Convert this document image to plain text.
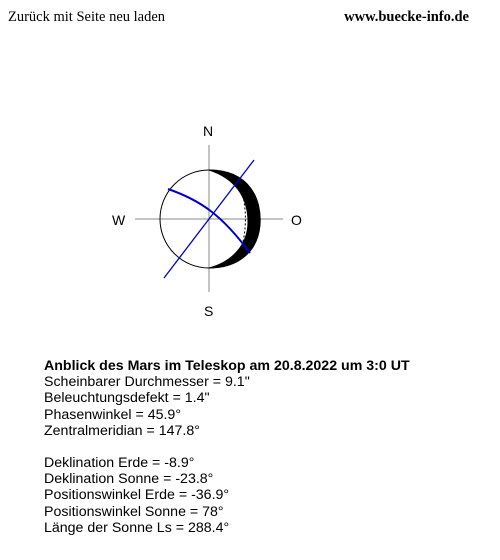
Zurück mit Seite neu laden	www.buecke-info.de
N
S
W	O
Anblick des Mars im Teleskop am 20.8.2022 um 3:0 UT
Scheinbarer Durchmesser = 9.1"
Beleuchtungsdefekt = 1.4"
Phasenwinkel = 45.9°
Zentralmeridian = 147.8°
Deklination Erde = -8.9°
Deklination Sonne = -23.8°
Positionswinkel Erde = -36.9°
Positionswinkel Sonne = 78°
Länge der Sonne Ls = 288.4°
